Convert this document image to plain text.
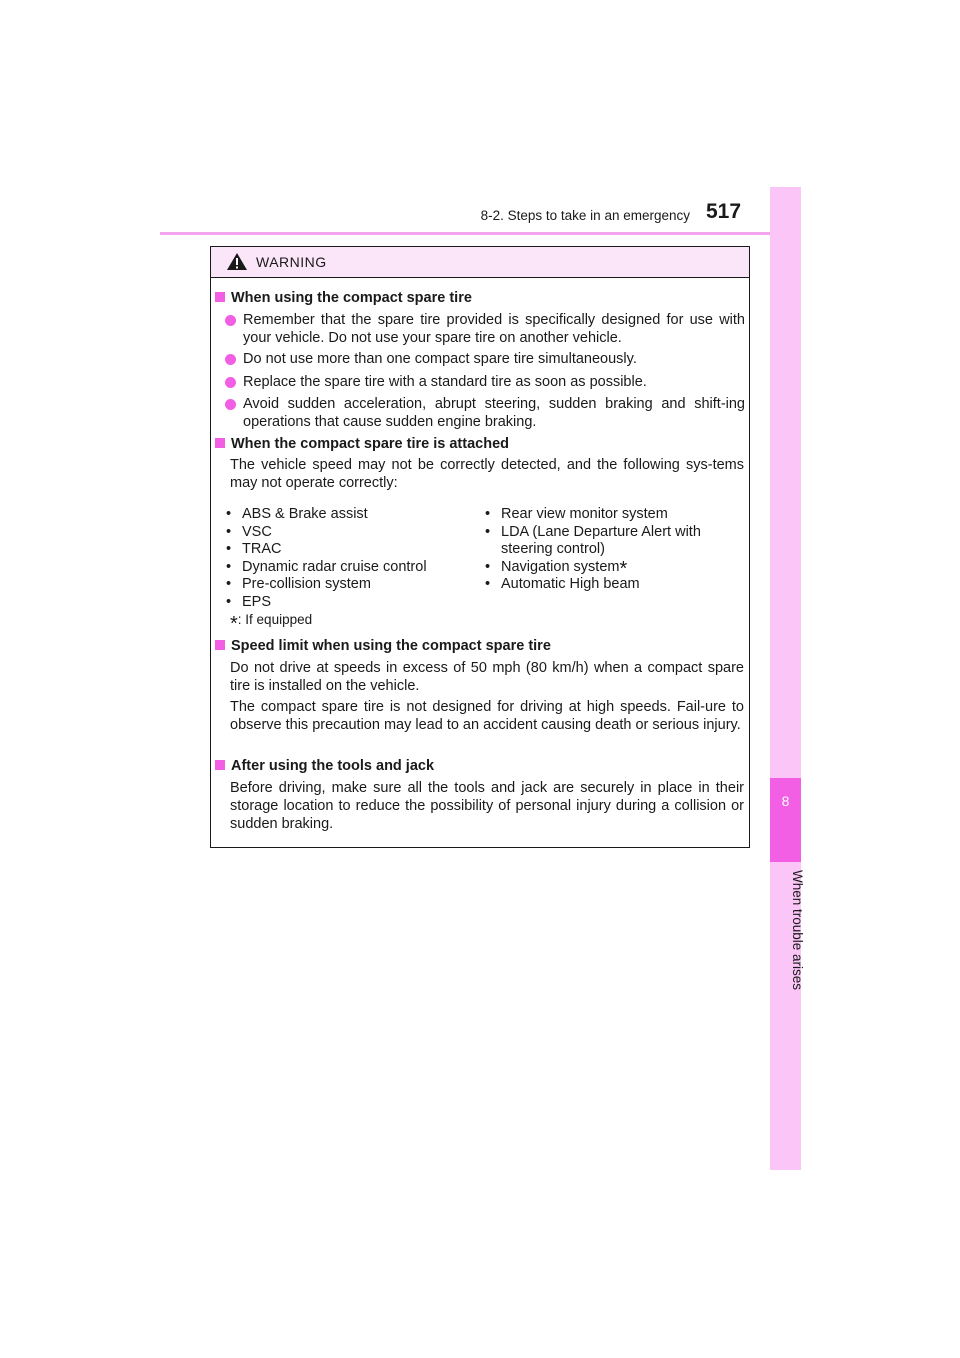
8-2. Steps to take in an emergency 517
8
When trouble arises
WARNING
When using the compact spare tire
Remember that the spare tire provided is specifically designed for use with your vehicle. Do not use your spare tire on another vehicle.
Do not use more than one compact spare tire simultaneously.
Replace the spare tire with a standard tire as soon as possible.
Avoid sudden acceleration, abrupt steering, sudden braking and shift-ing operations that cause sudden engine braking.
When the compact spare tire is attached
The vehicle speed may not be correctly detected, and the following sys-tems may not operate correctly:
• ABS & Brake assist
• VSC
• TRAC
• Dynamic radar cruise control
• Pre-collision system
• EPS
• Rear view monitor system
• LDA (Lane Departure Alert with steering control)
• Navigation system*
• Automatic High beam
*: If equipped
Speed limit when using the compact spare tire
Do not drive at speeds in excess of 50 mph (80 km/h) when a compact spare tire is installed on the vehicle.
The compact spare tire is not designed for driving at high speeds. Fail-ure to observe this precaution may lead to an accident causing death or serious injury.
After using the tools and jack
Before driving, make sure all the tools and jack are securely in place in their storage location to reduce the possibility of personal injury during a collision or sudden braking.
